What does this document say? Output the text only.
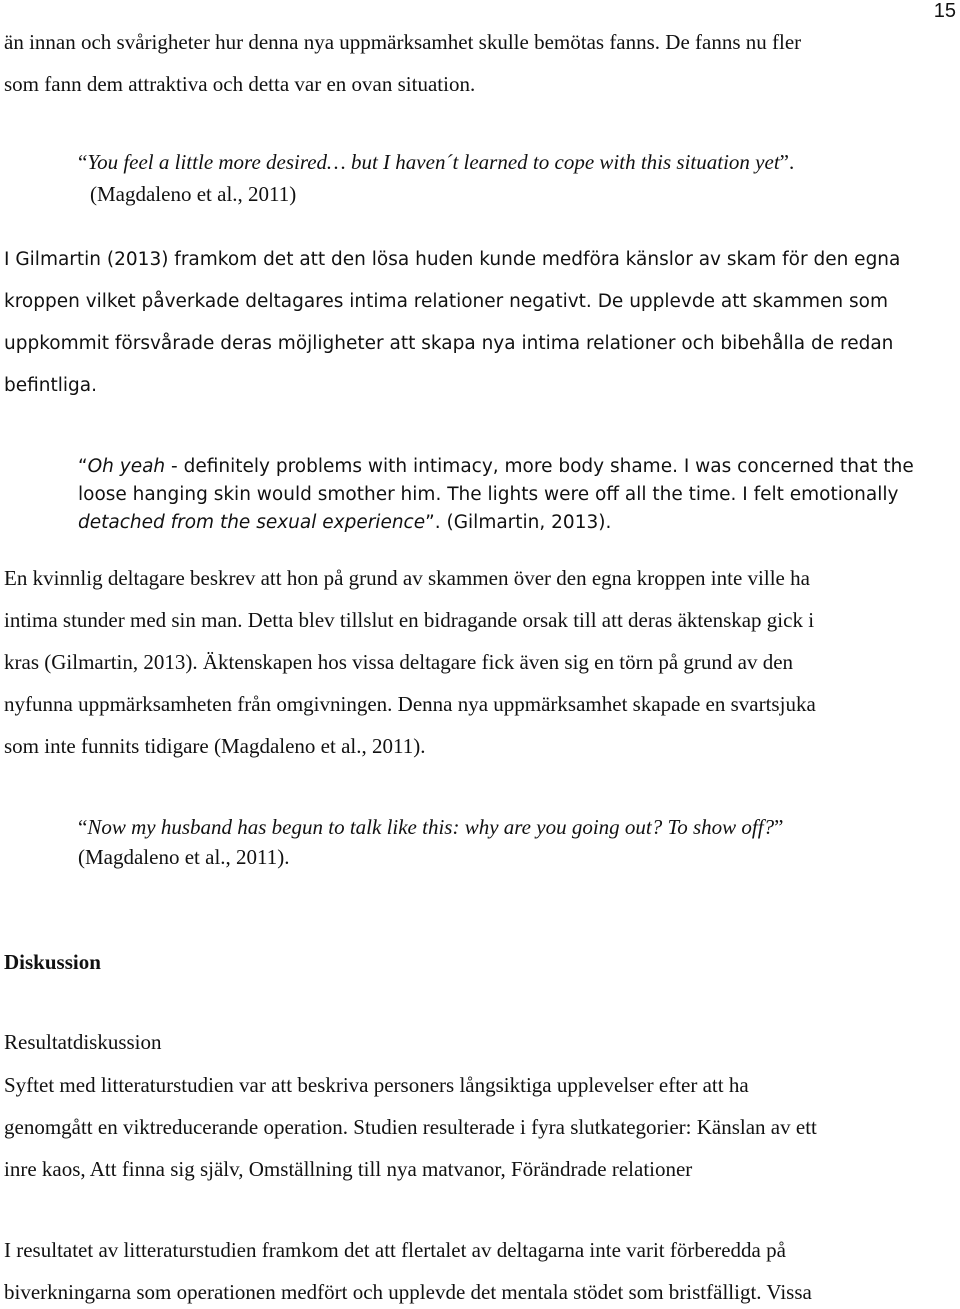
15
än innan och svårigheter hur denna nya uppmärksamhet skulle bemötas fanns. De fanns nu fler
som fann dem attraktiva och detta var en ovan situation.
“You feel a little more desired… but I haven´t learned to cope with this situation yet”.
(Magdaleno et al., 2011)
I Gilmartin (2013) framkom det att den lösa huden kunde medföra känslor av skam för den egna
kroppen vilket påverkade deltagares intima relationer negativt. De upplevde att skammen som
uppkommit försvårade deras möjligheter att skapa nya intima relationer och bibehålla de redan
befintliga.
“Oh yeah - definitely problems with intimacy, more body shame. I was concerned that the
loose hanging skin would smother him. The lights were off all the time. I felt emotionally
detached from the sexual experience”. (Gilmartin, 2013).
En kvinnlig deltagare beskrev att hon på grund av skammen över den egna kroppen inte ville ha
intima stunder med sin man. Detta blev tillslut en bidragande orsak till att deras äktenskap gick i
kras (Gilmartin, 2013). Äktenskapen hos vissa deltagare fick även sig en törn på grund av den
nyfunna uppmärksamheten från omgivningen. Denna nya uppmärksamhet skapade en svartsjuka
som inte funnits tidigare (Magdaleno et al., 2011).
“Now my husband has begun to talk like this: why are you going out? To show off?”
(Magdaleno et al., 2011).
Diskussion
Resultatdiskussion
Syftet med litteraturstudien var att beskriva personers långsiktiga upplevelser efter att ha
genomgått en viktreducerande operation. Studien resulterade i fyra slutkategorier: Känslan av ett
inre kaos, Att finna sig själv, Omställning till nya matvanor, Förändrade relationer
I resultatet av litteraturstudien framkom det att flertalet av deltagarna inte varit förberedda på
biverkningarna som operationen medfört och upplevde det mentala stödet som bristfälligt. Vissa
